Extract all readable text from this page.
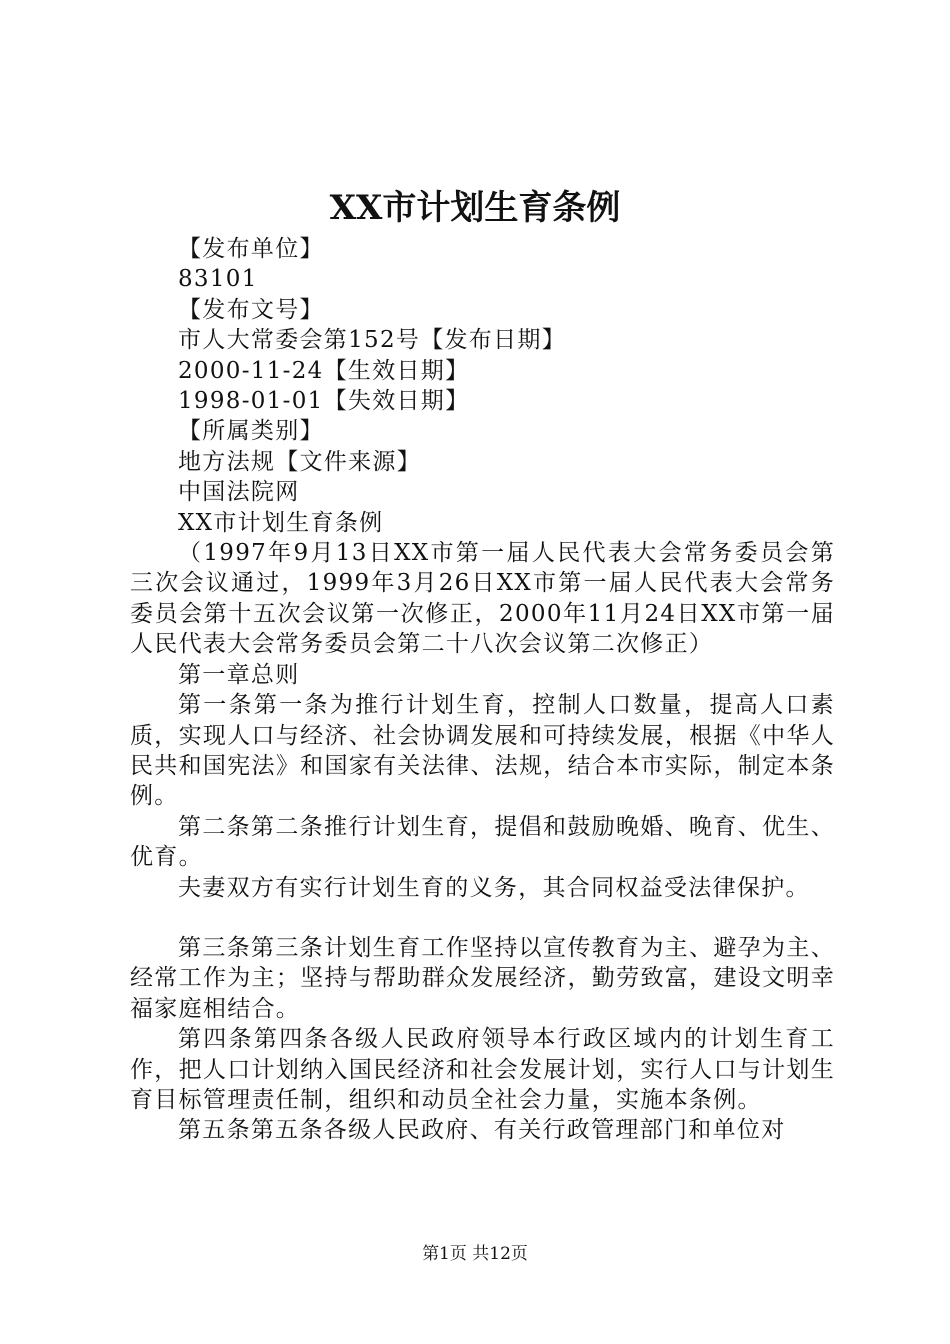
XX市计划生育条例

【发布单位】

83101

【发布文号】

市人大常委会第152号【发布日期】

2000-11-24【生效日期】

1998-01-01【失效日期】

【所属类别】

地方法规【文件来源】

中国法院网

XX市计划生育条例

（1997年9月13日XX市第一届人民代表大会常务委员会第三次会议通过，1999年3月26日XX市第一届人民代表大会常务委员会第十五次会议第一次修正，2000年11月24日XX市第一届人民代表大会常务委员会第二十八次会议第二次修正）

第一章总则

第一条第一条为推行计划生育，控制人口数量，提高人口素质，实现人口与经济、社会协调发展和可持续发展，根据《中华人民共和国宪法》和国家有关法律、法规，结合本市实际，制定本条例。

第二条第二条推行计划生育，提倡和鼓励晚婚、晚育、优生、优育。

夫妻双方有实行计划生育的义务，其合同权益受法律保护。

第三条第三条计划生育工作坚持以宣传教育为主、避孕为主、经常工作为主；坚持与帮助群众发展经济，勤劳致富，建设文明幸福家庭相结合。

第四条第四条各级人民政府领导本行政区域内的计划生育工作，把人口计划纳入国民经济和社会发展计划，实行人口与计划生育目标管理责任制，组织和动员全社会力量，实施本条例。

第五条第五条各级人民政府、有关行政管理部门和单位对

第1页 共12页
